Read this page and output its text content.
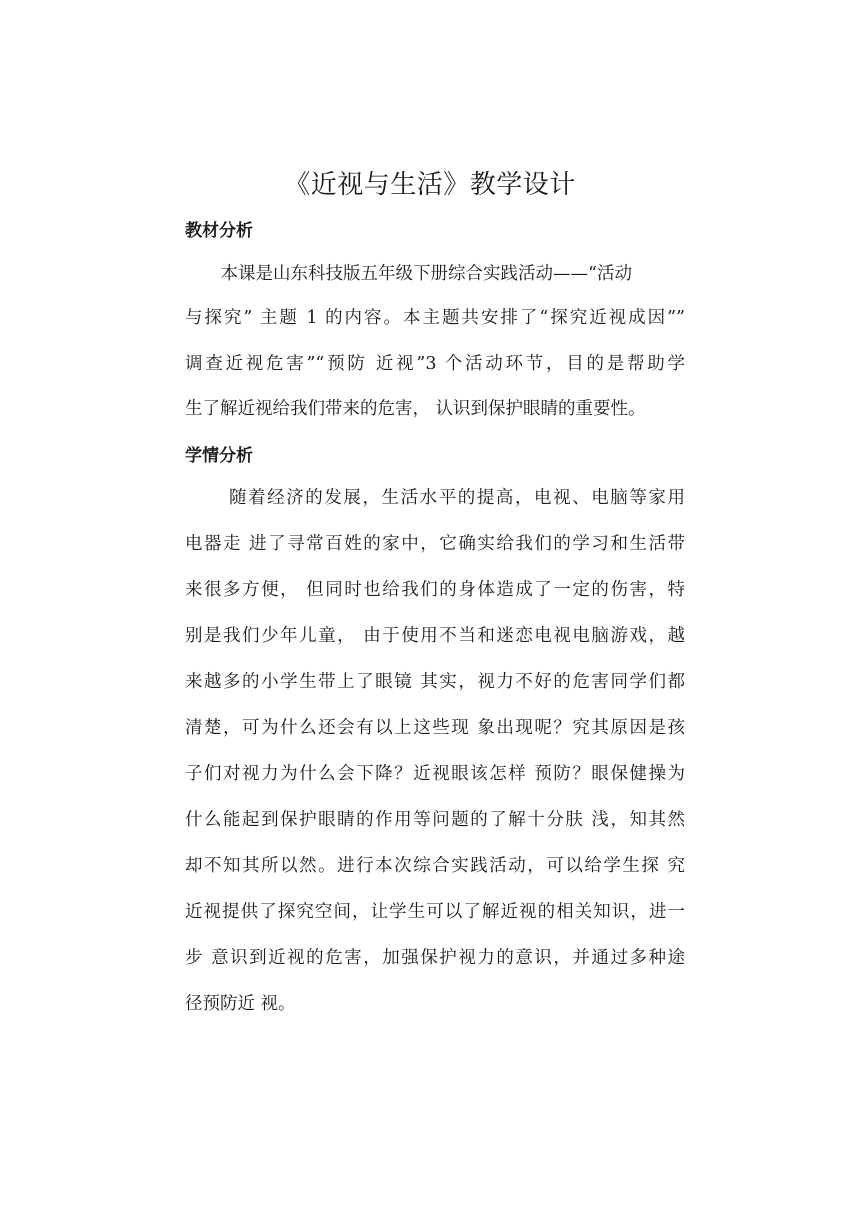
《近视与生活》教学设计
教材分析
　本课是山东科技版五年级下册综合实践活动——“活动
与探究” 主题 1 的内容。本主题共安排了“探究近视成因””
调查近视危害”“预防 近视”3 个活动环节，目的是帮助学
生了解近视给我们带来的危害， 认识到保护眼睛的重要性。
学情分析
　随着经济的发展，生活水平的提高，电视、电脑等家用
电器走 进了寻常百姓的家中，它确实给我们的学习和生活带
来很多方便， 但同时也给我们的身体造成了一定的伤害，特
别是我们少年儿童， 由于使用不当和迷恋电视电脑游戏，越
来越多的小学生带上了眼镜 其实，视力不好的危害同学们都
清楚，可为什么还会有以上这些现 象出现呢？究其原因是孩
子们对视力为什么会下降？近视眼该怎样 预防？眼保健操为
什么能起到保护眼睛的作用等问题的了解十分肤 浅，知其然
却不知其所以然。进行本次综合实践活动，可以给学生探 究
近视提供了探究空间，让学生可以了解近视的相关知识，进一
步 意识到近视的危害，加强保护视力的意识，并通过多种途
径预防近 视。
